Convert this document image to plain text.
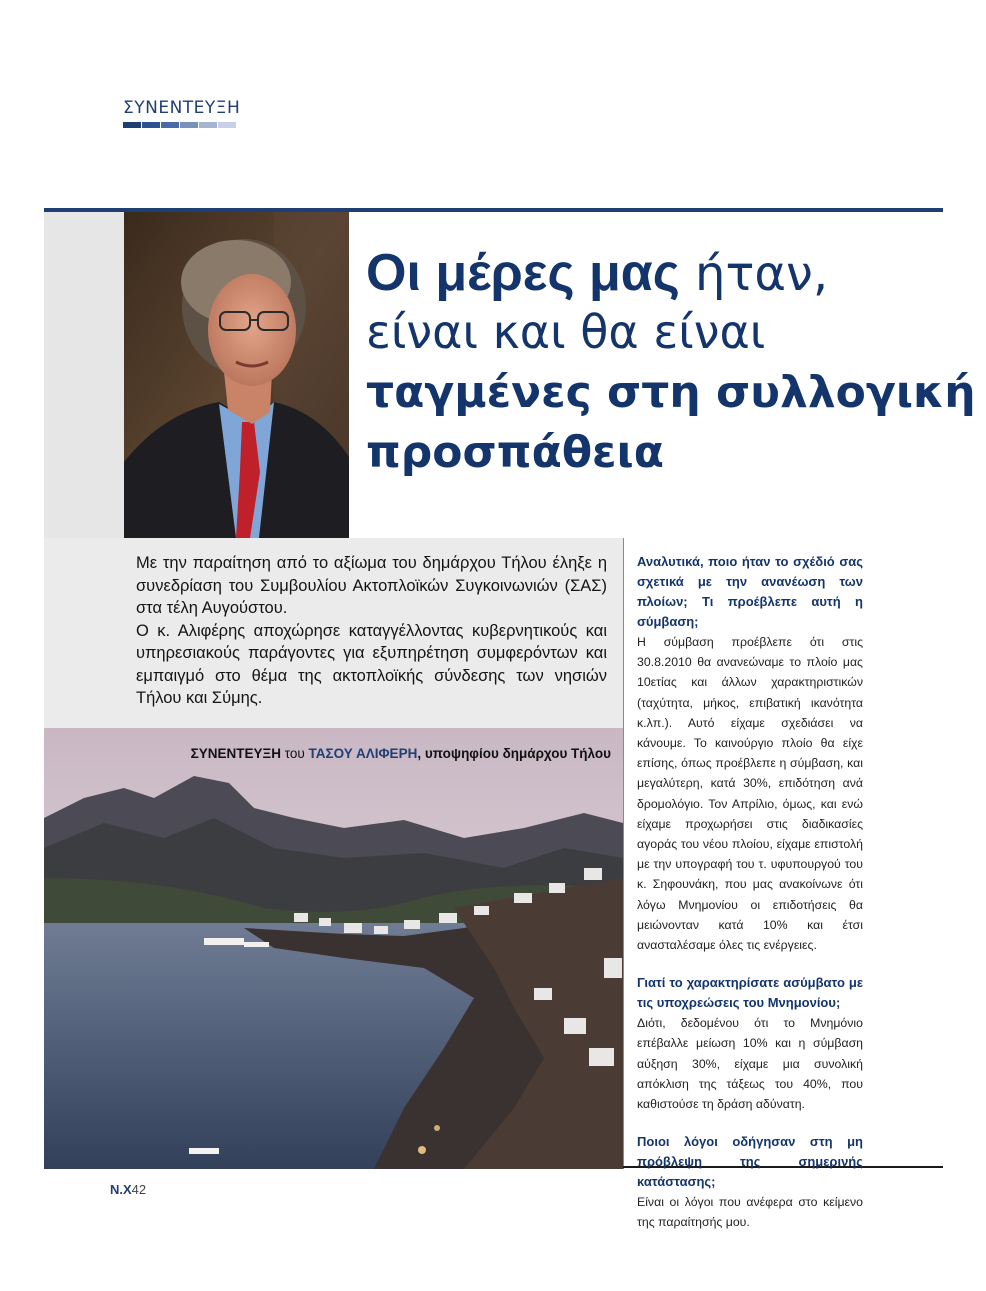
ΣΥΝΕΝΤΕΥΞΗ
Οι μέρες μας ήταν,
είναι και θα είναι
ταγμένες στη συλλογική
προσπάθεια

Με την παραίτηση από το αξίωμα του δημάρχου Τήλου έληξε η συνεδρίαση του Συμβουλίου Ακτοπλοϊκών Συγκοινωνιών (ΣΑΣ) στα τέλη Αυγούστου.

Ο κ. Αλιφέρης αποχώρησε καταγγέλλοντας κυβερνητικούς και υπηρεσιακούς παράγοντες για εξυπηρέτηση συμφερόντων και εμπαιγμό στο θέμα της ακτοπλοϊκής σύνδεσης των νησιών Τήλου και Σύμης.

ΣΥΝΕΝΤΕΥΞΗ του ΤΑΣΟΥ ΑΛΙΦΕΡΗ, υποψηφίου δημάρχου Τήλου

Αναλυτικά, ποιο ήταν το σχέδιό σας σχετικά με την ανανέωση των πλοίων; Τι προέβλεπε αυτή η σύμβαση;

Η σύμβαση προέβλεπε ότι στις 30.8.2010 θα ανανεώναμε το πλοίο μας 10ετίας και άλλων χαρακτηριστικών (ταχύτητα, μήκος, επιβατική ικανότητα κ.λπ.). Αυτό είχαμε σχεδιάσει να κάνουμε. Το καινούργιο πλοίο θα είχε επίσης, όπως προέβλεπε η σύμβαση, και μεγαλύτερη, κατά 30%, επιδότηση ανά δρομολόγιο. Τον Απρίλιο, όμως, και ενώ είχαμε προχωρήσει στις διαδικασίες αγοράς του νέου πλοίου, είχαμε επιστολή με την υπογραφή του τ. υφυπουργού του κ. Σηφουνάκη, που μας ανακοίνωνε ότι λόγω Μνημονίου οι επιδοτήσεις θα μειώνονταν κατά 10% και έτσι ανασταλέσαμε όλες τις ενέργειες.

Γιατί το χαρακτηρίσατε ασύμβατο με τις υποχρεώσεις του Μνημονίου;

Διότι, δεδομένου ότι το Μνημόνιο επέβαλλε μείωση 10% και η σύμβαση αύξηση 30%, είχαμε μια συνολική απόκλιση της τάξεως του 40%, που καθιστούσε τη δράση αδύνατη.

Ποιοι λόγοι οδήγησαν στη μη πρόβλεψη της σημερινής κατάστασης;

Είναι οι λόγοι που ανέφερα στο κείμενο της παραίτησής μου.

Ν.Χ42
